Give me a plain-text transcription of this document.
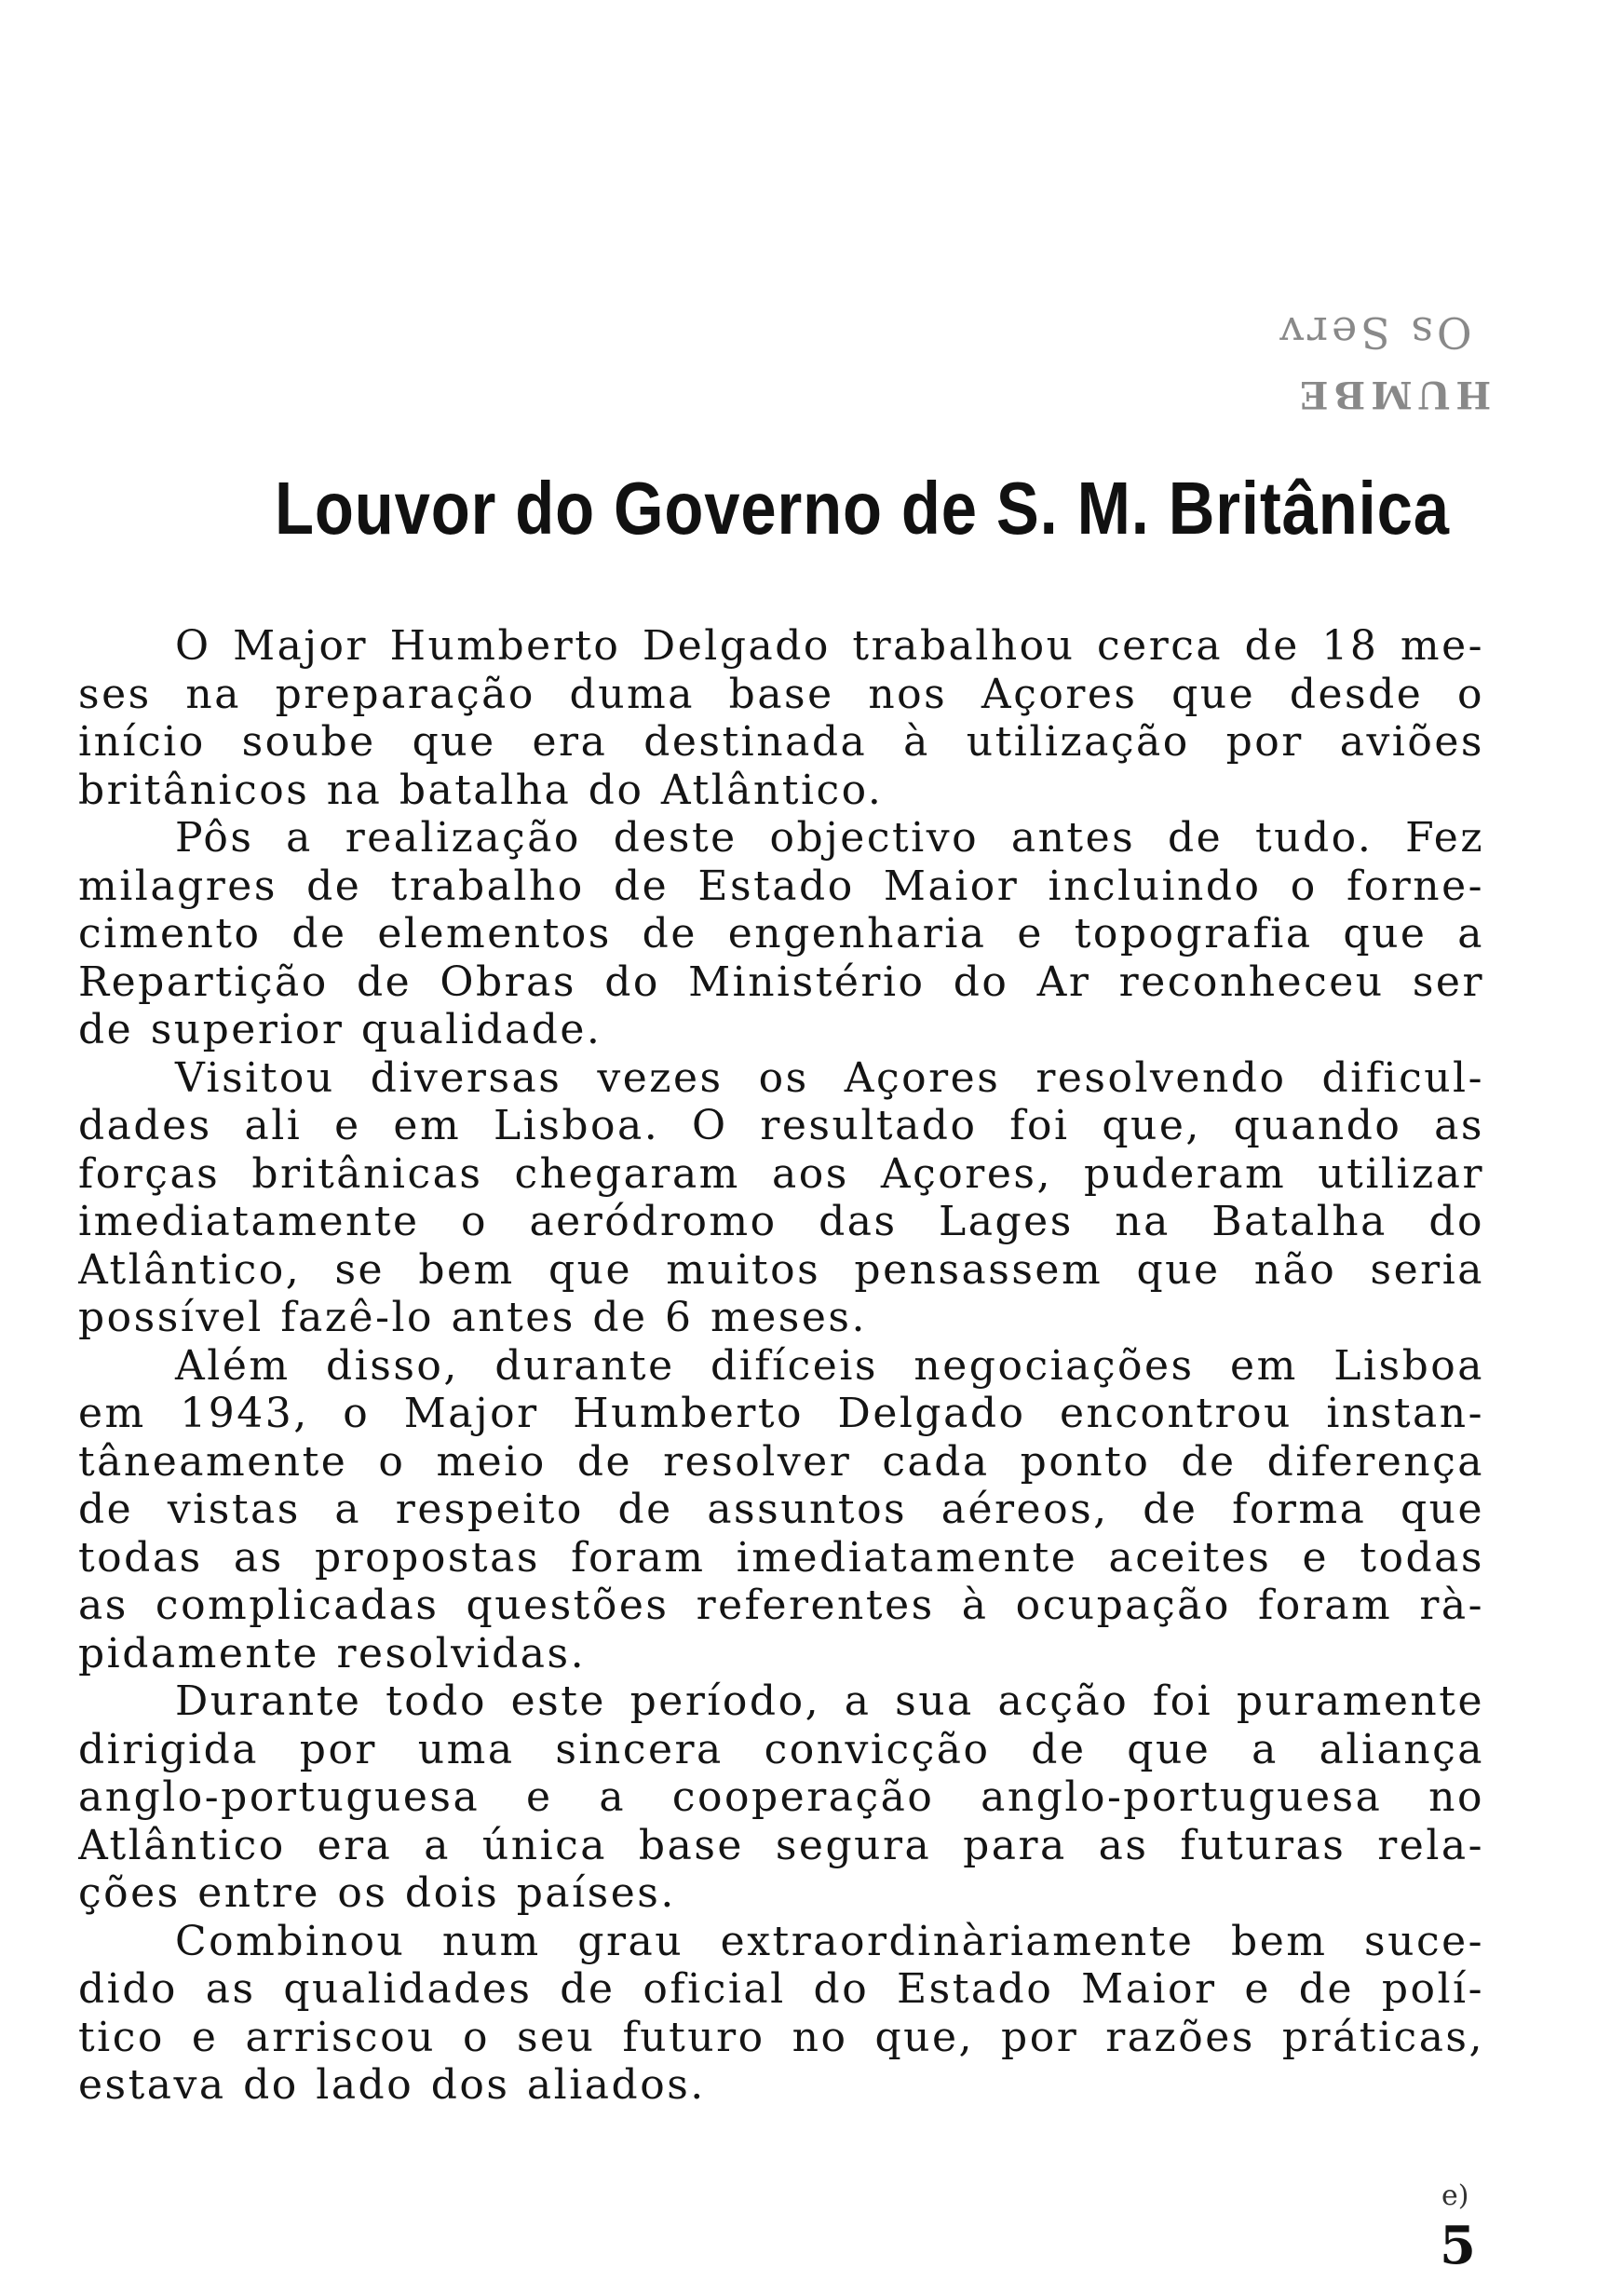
Os Serv
HUMBE
Louvor do Governo de S. M. Britânica
O Major Humberto Delgado trabalhou cerca de 18 me-
ses na preparação duma base nos Açores que desde o
início soube que era destinada à utilização por aviões
britânicos na batalha do Atlântico.
Pôs a realização deste objectivo antes de tudo. Fez
milagres de trabalho de Estado Maior incluindo o forne-
cimento de elementos de engenharia e topografia que a
Repartição de Obras do Ministério do Ar reconheceu ser
de superior qualidade.
Visitou diversas vezes os Açores resolvendo dificul-
dades ali e em Lisboa. O resultado foi que, quando as
forças britânicas chegaram aos Açores, puderam utilizar
imediatamente o aeródromo das Lages na Batalha do
Atlântico, se bem que muitos pensassem que não seria
possível fazê-lo antes de 6 meses.
Além disso, durante difíceis negociações em Lisboa
em 1943, o Major Humberto Delgado encontrou instan-
tâneamente o meio de resolver cada ponto de diferença
de vistas a respeito de assuntos aéreos, de forma que
todas as propostas foram imediatamente aceites e todas
as complicadas questões referentes à ocupação foram rà-
pidamente resolvidas.
Durante todo este período, a sua acção foi puramente
dirigida por uma sincera convicção de que a aliança
anglo-portuguesa e a cooperação anglo-portuguesa no
Atlântico era a única base segura para as futuras rela-
ções entre os dois países.
Combinou num grau extraordinàriamente bem suce-
dido as qualidades de oficial do Estado Maior e de polí-
tico e arriscou o seu futuro no que, por razões práticas,
estava do lado dos aliados.
e)
5
